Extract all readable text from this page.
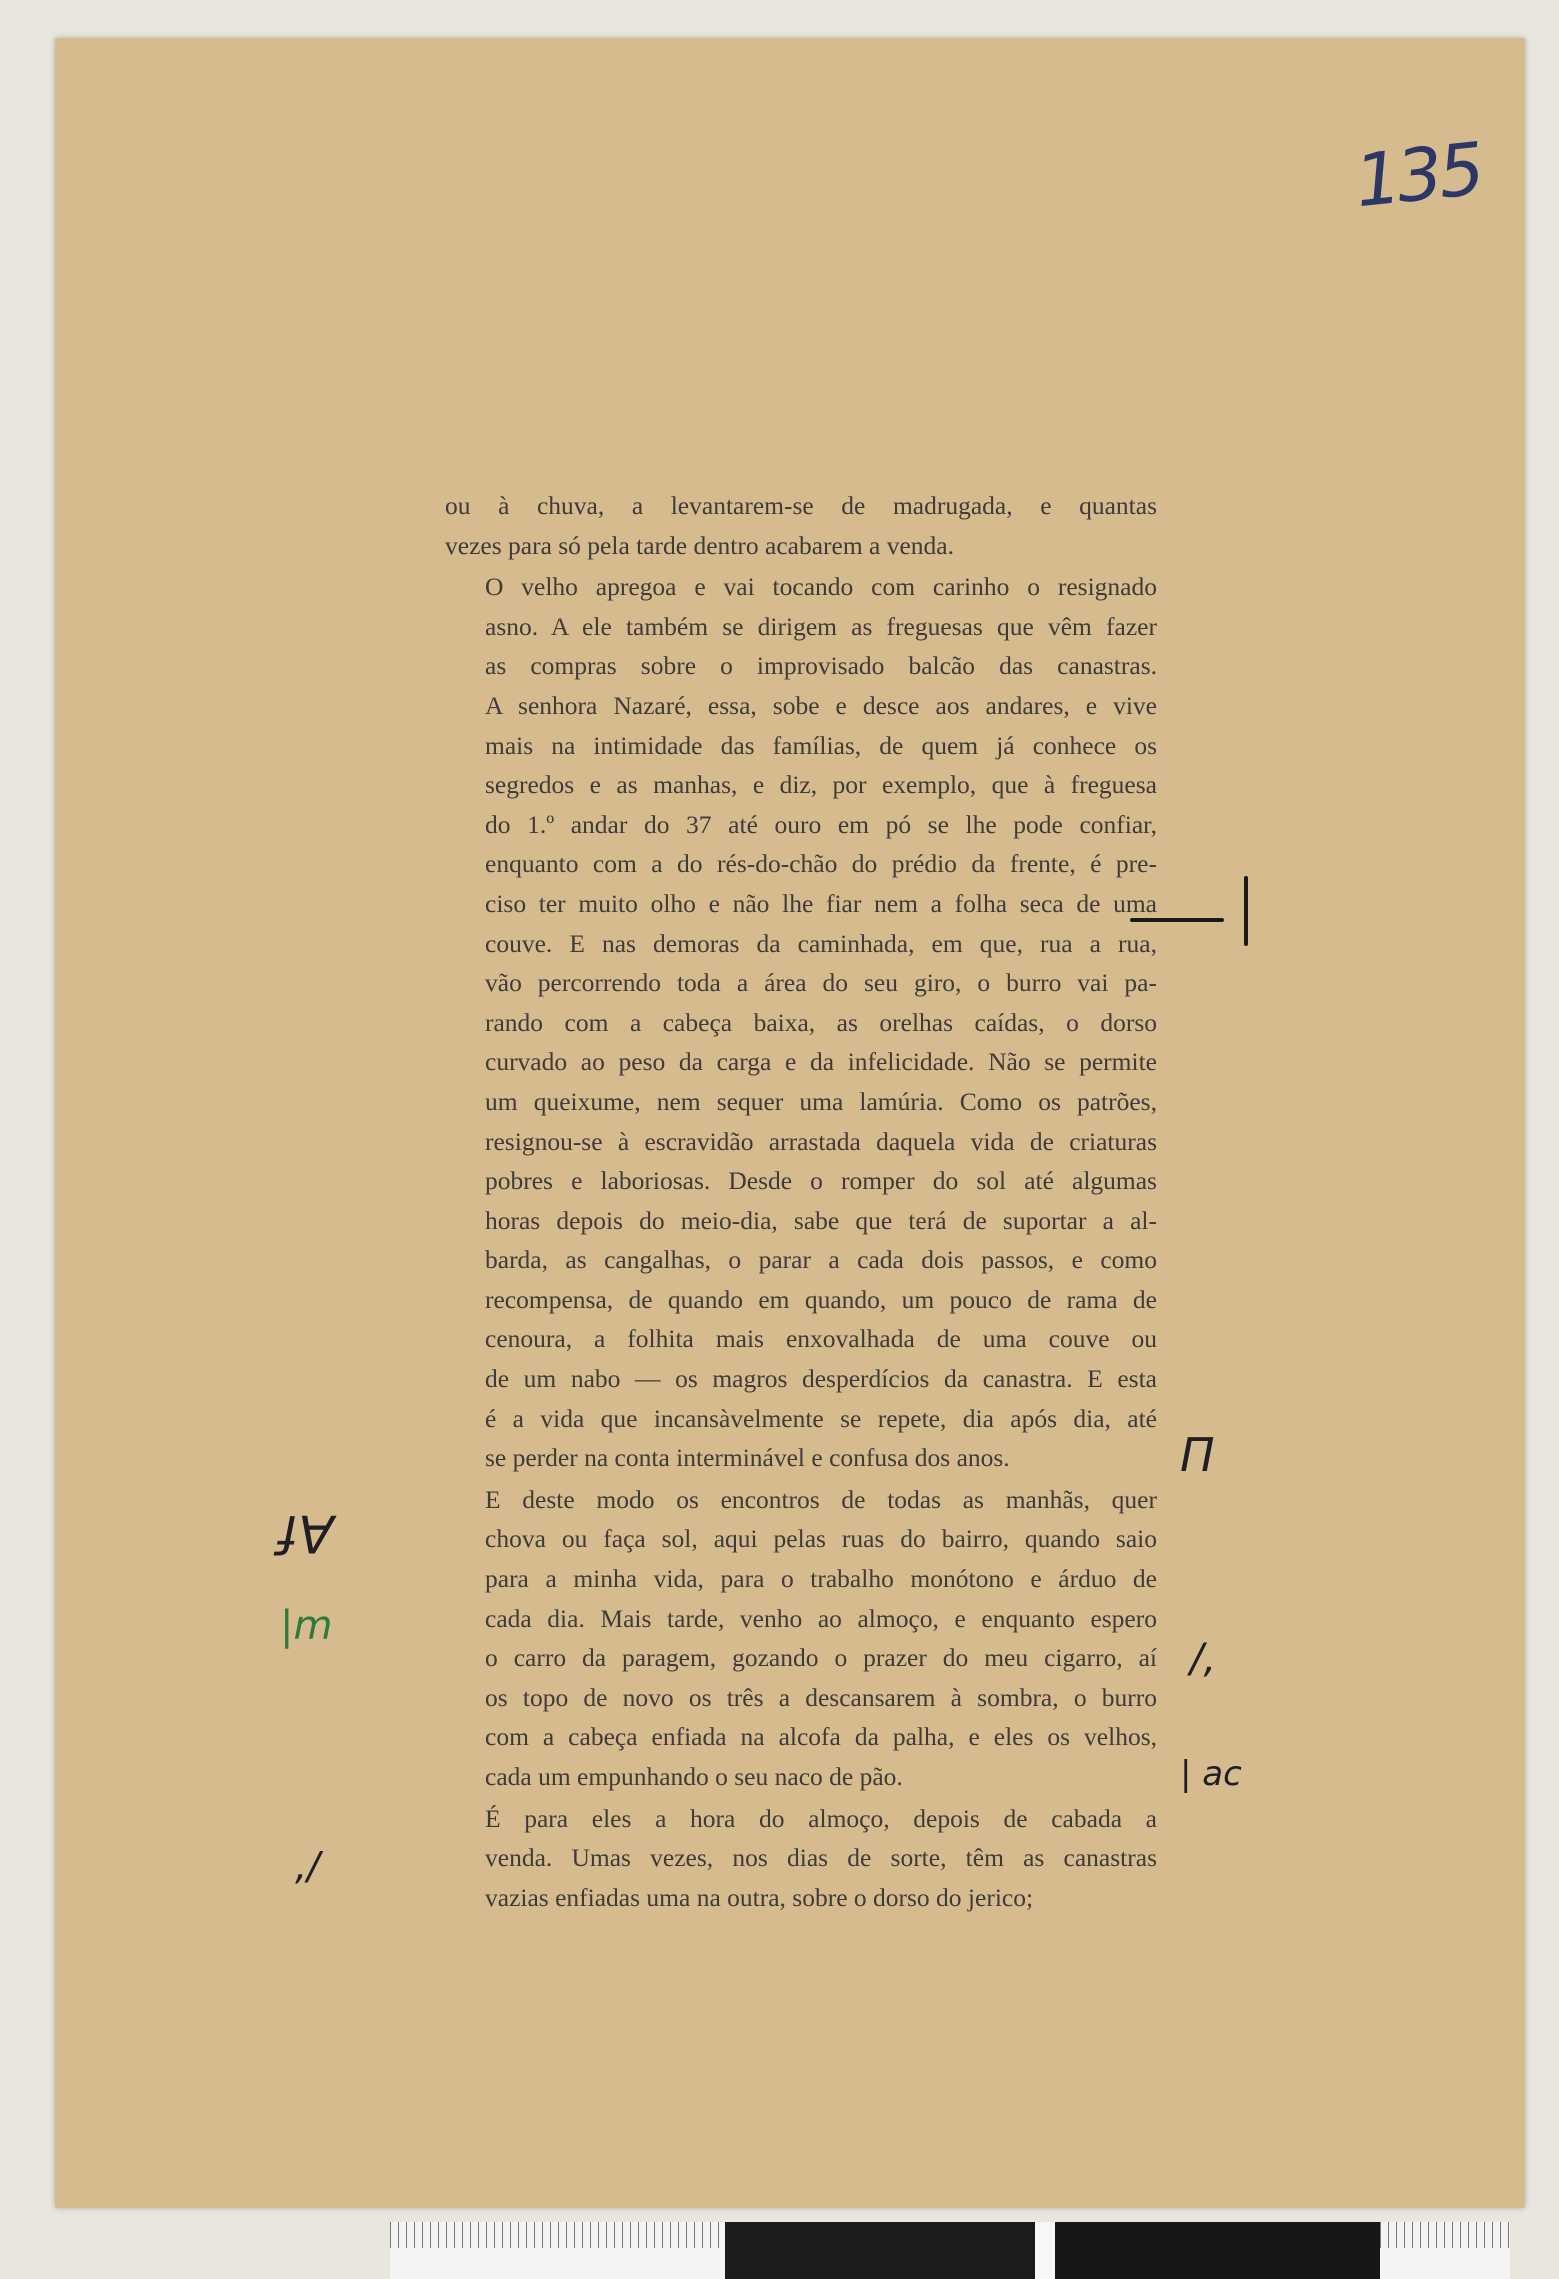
135

ou à chuva, a levantarem-se de madrugada, e quantas
vezes para só pela tarde dentro acabarem a venda.

O velho apregoa e vai tocando com carinho o resignado
asno. A ele também se dirigem as freguesas que vêm fazer
as compras sobre o improvisado balcão das canastras.
A senhora Nazaré, essa, sobe e desce aos andares, e vive
mais na intimidade das famílias, de quem já conhece os
segredos e as manhas, e diz, por exemplo, que à freguesa
do 1.º andar do 37 até ouro em pó se lhe pode confiar,
enquanto com a do rés-do-chão do prédio da frente, é pre-
ciso ter muito olho e não lhe fiar nem a folha seca de uma
couve. E nas demoras da caminhada, em que, rua a rua,
vão percorrendo toda a área do seu giro, o burro vai pa-
rando com a cabeça baixa, as orelhas caídas, o dorso
curvado ao peso da carga e da infelicidade. Não se permite
um queixume, nem sequer uma lamúria. Como os patrões,
resignou-se à escravidão arrastada daquela vida de criaturas
pobres e laboriosas. Desde o romper do sol até algumas
horas depois do meio-dia, sabe que terá de suportar a al-
barda, as cangalhas, o parar a cada dois passos, e como
recompensa, de quando em quando, um pouco de rama de
cenoura, a folhita mais enxovalhada de uma couve ou
de um nabo — os magros desperdícios da canastra. E esta
é a vida que incansàvelmente se repete, dia após dia, até
se perder na conta interminável e confusa dos anos.

E deste modo os encontros de todas as manhãs, quer
chova ou faça sol, aqui pelas ruas do bairro, quando saio
para a minha vida, para o trabalho monótono e árduo de
cada dia. Mais tarde, venho ao almoço, e enquanto espero
o carro da paragem, gozando o prazer do meu cigarro, aí
os topo de novo os três a descansarem à sombra, o burro
com a cabeça enfiada na alcofa da palha, e eles os velhos,
cada um empunhando o seu naco de pão.

É para eles a hora do almoço, depois de cabada a
venda. Umas vezes, nos dias de sorte, têm as canastras
vazias enfiadas uma na outra, sobre o dorso do jerico;

Af
|m
,/
Π
/,
| ac
